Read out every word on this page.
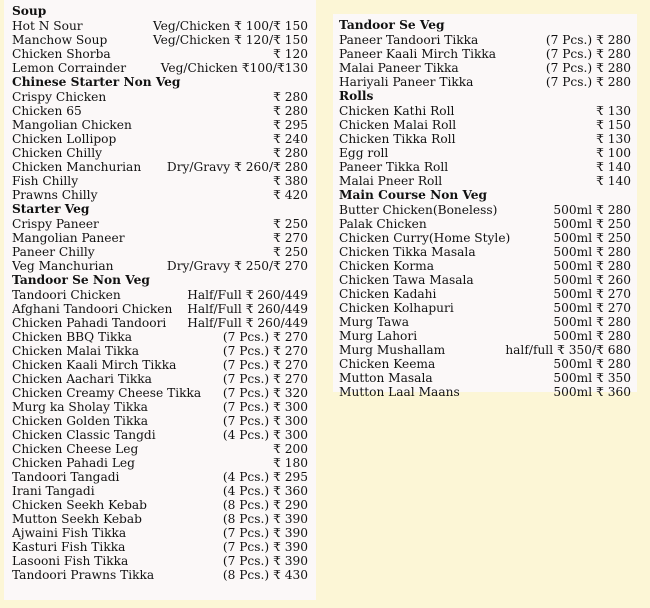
Soup
Hot N Sour	Veg/Chicken ₹ 100/₹ 150
Manchow Soup	Veg/Chicken ₹ 120/₹ 150
Chicken Shorba	₹ 120
Lemon Corrainder	Veg/Chicken ₹100/₹130
Chinese Starter Non Veg
Crispy Chicken	₹ 280
Chicken 65	₹ 280
Mangolian Chicken	₹ 295
Chicken Lollipop	₹ 240
Chicken Chilly	₹ 280
Chicken Manchurian	Dry/Gravy ₹ 260/₹ 280
Fish Chilly	₹ 380
Prawns Chilly	₹ 420
Starter Veg
Crispy Paneer	₹ 250
Mangolian Paneer	₹ 270
Paneer Chilly	₹ 250
Veg Manchurian	Dry/Gravy ₹ 250/₹ 270
Tandoor Se Non Veg
Tandoori Chicken	Half/Full ₹ 260/449
Afghani Tandoori Chicken	Half/Full ₹ 260/449
Chicken Pahadi Tandoori	Half/Full ₹ 260/449
Chicken BBQ Tikka	(7 Pcs.) ₹ 270
Chicken Malai Tikka	(7 Pcs.) ₹ 270
Chicken Kaali Mirch Tikka	(7 Pcs.) ₹ 270
Chicken Aachari Tikka	(7 Pcs.) ₹ 270
Chicken Creamy Cheese Tikka	(7 Pcs.) ₹ 320
Murg ka Sholay Tikka	(7 Pcs.) ₹ 300
Chicken Golden Tikka	(7 Pcs.) ₹ 300
Chicken Classic Tangdi	(4 Pcs.) ₹ 300
Chicken Cheese Leg	₹ 200
Chicken Pahadi Leg	₹ 180
Tandoori Tangadi	(4 Pcs.) ₹ 295
Irani Tangadi	(4 Pcs.) ₹ 360
Chicken Seekh Kebab	(8 Pcs.) ₹ 290
Mutton Seekh Kebab	(8 Pcs.) ₹ 390
Ajwaini Fish Tikka	(7 Pcs.) ₹ 390
Kasturi Fish Tikka	(7 Pcs.) ₹ 390
Lasooni Fish Tikka	(7 Pcs.) ₹ 390
Tandoori Prawns Tikka	(8 Pcs.) ₹ 430
Tandoor Se Veg
Paneer Tandoori Tikka	(7 Pcs.) ₹ 280
Paneer Kaali Mirch Tikka	(7 Pcs.) ₹ 280
Malai Paneer Tikka	(7 Pcs.) ₹ 280
Hariyali Paneer Tikka	(7 Pcs.) ₹ 280
Rolls
Chicken Kathi Roll	₹ 130
Chicken Malai Roll	₹ 150
Chicken Tikka Roll	₹ 130
Egg roll	₹ 100
Paneer Tikka Roll	₹ 140
Malai Pneer Roll	₹ 140
Main Course Non Veg
Butter Chicken(Boneless)	500ml ₹ 280
Palak Chicken	500ml ₹ 250
Chicken Curry(Home Style)	500ml ₹ 250
Chicken Tikka Masala	500ml ₹ 280
Chicken Korma	500ml ₹ 280
Chicken Tawa Masala	500ml ₹ 260
Chicken Kadahi	500ml ₹ 270
Chicken Kolhapuri	500ml ₹ 270
Murg Tawa	500ml ₹ 280
Murg Lahori	500ml ₹ 280
Murg Mushallam	half/full ₹ 350/₹ 680
Chicken Keema	500ml ₹ 280
Mutton Masala	500ml ₹ 350
Mutton Laal Maans	500ml ₹ 360
